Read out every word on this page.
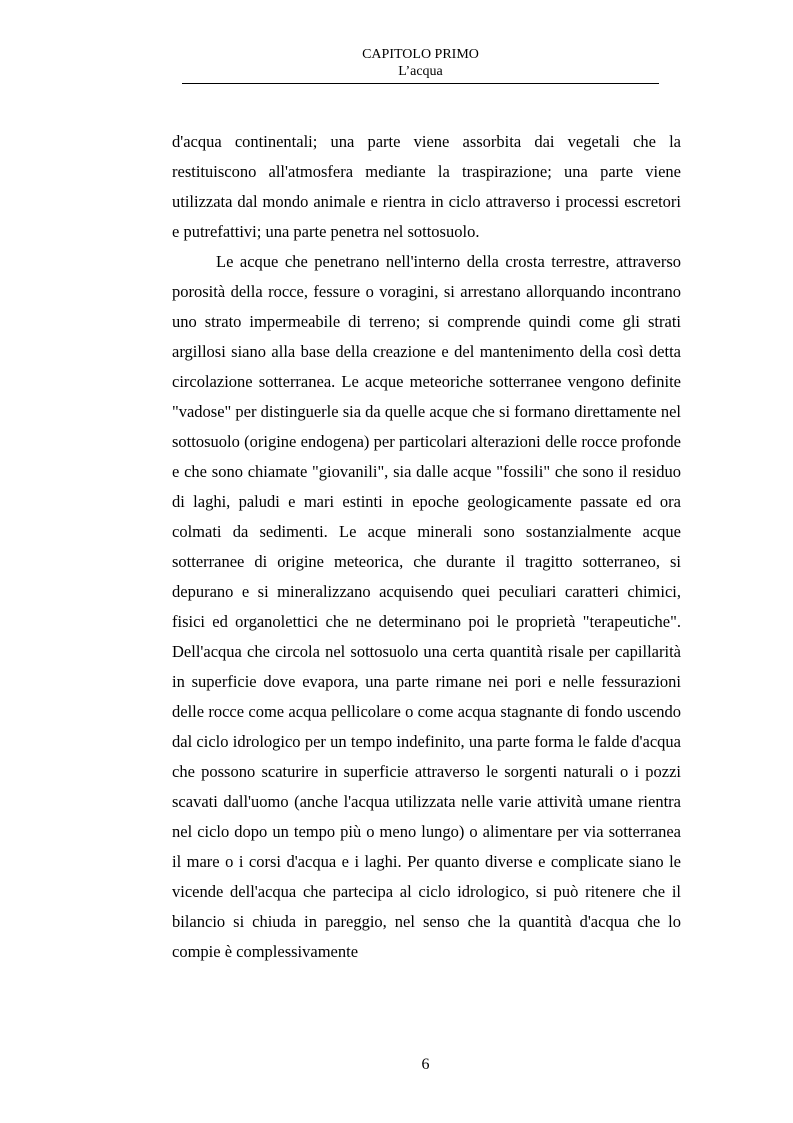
CAPITOLO PRIMO
L’acqua

d'acqua continentali; una parte viene assorbita dai vegetali che la restituiscono all'atmosfera mediante la traspirazione; una parte viene utilizzata dal mondo animale e rientra in ciclo attraverso i processi escretori e putrefattivi; una parte penetra nel sottosuolo.

Le acque che penetrano nell'interno della crosta terrestre, attraverso porosità della rocce, fessure o voragini, si arrestano allorquando incontrano uno strato impermeabile di terreno; si comprende quindi come gli strati argillosi siano alla base della creazione e del mantenimento della così detta circolazione sotterranea. Le acque meteoriche sotterranee vengono definite "vadose" per distinguerle sia da quelle acque che si formano direttamente nel sottosuolo (origine endogena) per particolari alterazioni delle rocce profonde e che sono chiamate "giovanili", sia dalle acque "fossili" che sono il residuo di laghi, paludi e mari estinti in epoche geologicamente passate ed ora colmati da sedimenti. Le acque minerali sono sostanzialmente acque sotterranee di origine meteorica, che durante il tragitto sotterraneo, si depurano e si mineralizzano acquisendo quei peculiari caratteri chimici, fisici ed organolettici che ne determinano poi le proprietà "terapeutiche". Dell'acqua che circola nel sottosuolo una certa quantità risale per capillarità in superficie dove evapora, una parte rimane nei pori e nelle fessurazioni delle rocce come acqua pellicolare o come acqua stagnante di fondo uscendo dal ciclo idrologico per un tempo indefinito, una parte forma le falde d'acqua che possono scaturire in superficie attraverso le sorgenti naturali o i pozzi scavati dall'uomo (anche l'acqua utilizzata nelle varie attività umane rientra nel ciclo dopo un tempo più o meno lungo) o alimentare per via sotterranea il mare o i corsi d'acqua e i laghi. Per quanto diverse e complicate siano le vicende dell'acqua che partecipa al ciclo idrologico, si può ritenere che il bilancio si chiuda in pareggio, nel senso che la quantità d'acqua che lo compie è complessivamente

6
